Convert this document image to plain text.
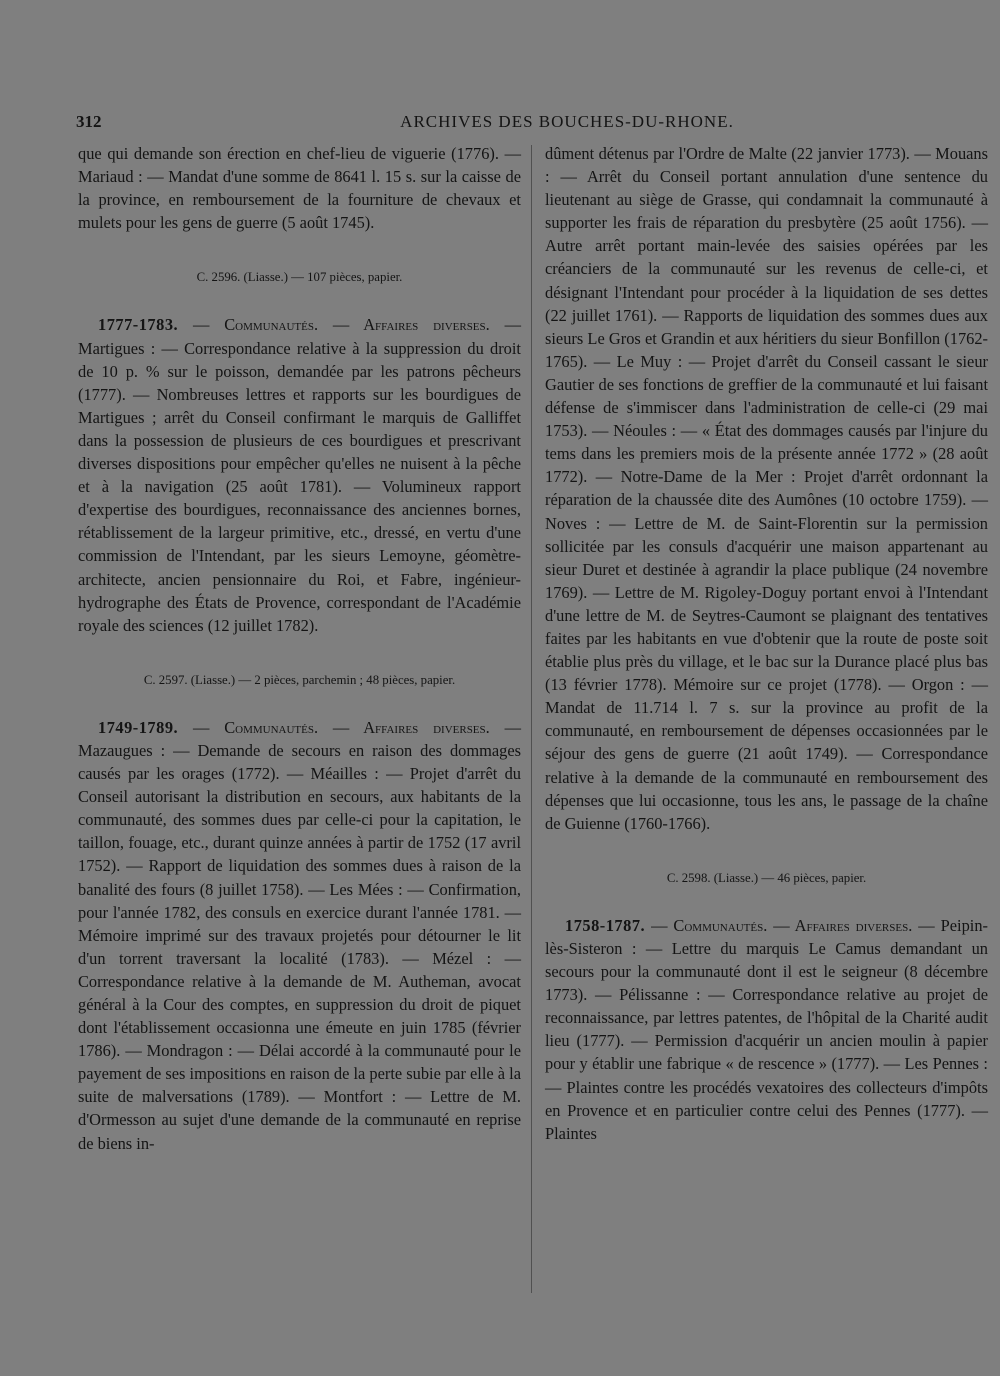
312	ARCHIVES DES BOUCHES-DU-RHONE.

que qui demande son érection en chef-lieu de viguerie (1776). — Mariaud : — Mandat d'une somme de 8641 l. 15 s. sur la caisse de la province, en remboursement de la fourniture de chevaux et mulets pour les gens de guerre (5 août 1745).

C. 2596. (Liasse.) — 107 pièces, papier.

1777-1783. — Communautés. — Affaires diverses. — Martigues : — Correspondance relative à la suppression du droit de 10 p. % sur le poisson, demandée par les patrons pêcheurs (1777). — Nombreuses lettres et rapports sur les bourdigues de Martigues ; arrêt du Conseil confirmant le marquis de Galliffet dans la possession de plusieurs de ces bourdigues et prescrivant diverses dispositions pour empêcher qu'elles ne nuisent à la pêche et à la navigation (25 août 1781). — Volumineux rapport d'expertise des bourdigues, reconnaissance des anciennes bornes, rétablissement de la largeur primitive, etc., dressé, en vertu d'une commission de l'Intendant, par les sieurs Lemoyne, géomètre-architecte, ancien pensionnaire du Roi, et Fabre, ingénieur-hydrographe des États de Provence, correspondant de l'Académie royale des sciences (12 juillet 1782).

C. 2597. (Liasse.) — 2 pièces, parchemin ; 48 pièces, papier.

1749-1789. — Communautés. — Affaires diverses. — Mazaugues : — Demande de secours en raison des dommages causés par les orages (1772). — Méailles : — Projet d'arrêt du Conseil autorisant la distribution en secours, aux habitants de la communauté, des sommes dues par celle-ci pour la capitation, le taillon, fouage, etc., durant quinze années à partir de 1752 (17 avril 1752). — Rapport de liquidation des sommes dues à raison de la banalité des fours (8 juillet 1758). — Les Mées : — Confirmation, pour l'année 1782, des consuls en exercice durant l'année 1781. — Mémoire imprimé sur des travaux projetés pour détourner le lit d'un torrent traversant la localité (1783). — Mézel : — Correspondance relative à la demande de M. Autheman, avocat général à la Cour des comptes, en suppression du droit de piquet dont l'établissement occasionna une émeute en juin 1785 (février 1786). — Mondragon : — Délai accordé à la communauté pour le payement de ses impositions en raison de la perte subie par elle à la suite de malversations (1789). — Montfort : — Lettre de M. d'Ormesson au sujet d'une demande de la communauté en reprise de biens in-

dûment détenus par l'Ordre de Malte (22 janvier 1773). — Mouans : — Arrêt du Conseil portant annulation d'une sentence du lieutenant au siège de Grasse, qui condamnait la communauté à supporter les frais de réparation du presbytère (25 août 1756). — Autre arrêt portant main-levée des saisies opérées par les créanciers de la communauté sur les revenus de celle-ci, et désignant l'Intendant pour procéder à la liquidation de ses dettes (22 juillet 1761). — Rapports de liquidation des sommes dues aux sieurs Le Gros et Grandin et aux héritiers du sieur Bonfillon (1762-1765). — Le Muy : — Projet d'arrêt du Conseil cassant le sieur Gautier de ses fonctions de greffier de la communauté et lui faisant défense de s'immiscer dans l'administration de celle-ci (29 mai 1753). — Néoules : — « État des dommages causés par l'injure du tems dans les premiers mois de la présente année 1772 » (28 août 1772). — Notre-Dame de la Mer : Projet d'arrêt ordonnant la réparation de la chaussée dite des Aumônes (10 octobre 1759). — Noves : — Lettre de M. de Saint-Florentin sur la permission sollicitée par les consuls d'acquérir une maison appartenant au sieur Duret et destinée à agrandir la place publique (24 novembre 1769). — Lettre de M. Rigoley-Doguy portant envoi à l'Intendant d'une lettre de M. de Seytres-Caumont se plaignant des tentatives faites par les habitants en vue d'obtenir que la route de poste soit établie plus près du village, et le bac sur la Durance placé plus bas (13 février 1778). Mémoire sur ce projet (1778). — Orgon : — Mandat de 11.714 l. 7 s. sur la province au profit de la communauté, en remboursement de dépenses occasionnées par le séjour des gens de guerre (21 août 1749). — Correspondance relative à la demande de la communauté en remboursement des dépenses que lui occasionne, tous les ans, le passage de la chaîne de Guienne (1760-1766).

C. 2598. (Liasse.) — 46 pièces, papier.

1758-1787. — Communautés. — Affaires diverses. — Peipin-lès-Sisteron : — Lettre du marquis Le Camus demandant un secours pour la communauté dont il est le seigneur (8 décembre 1773). — Pélissanne : — Correspondance relative au projet de reconnaissance, par lettres patentes, de l'hôpital de la Charité audit lieu (1777). — Permission d'acquérir un ancien moulin à papier pour y établir une fabrique « de rescence » (1777). — Les Pennes : — Plaintes contre les procédés vexatoires des collecteurs d'impôts en Provence et en particulier contre celui des Pennes (1777). — Plaintes
